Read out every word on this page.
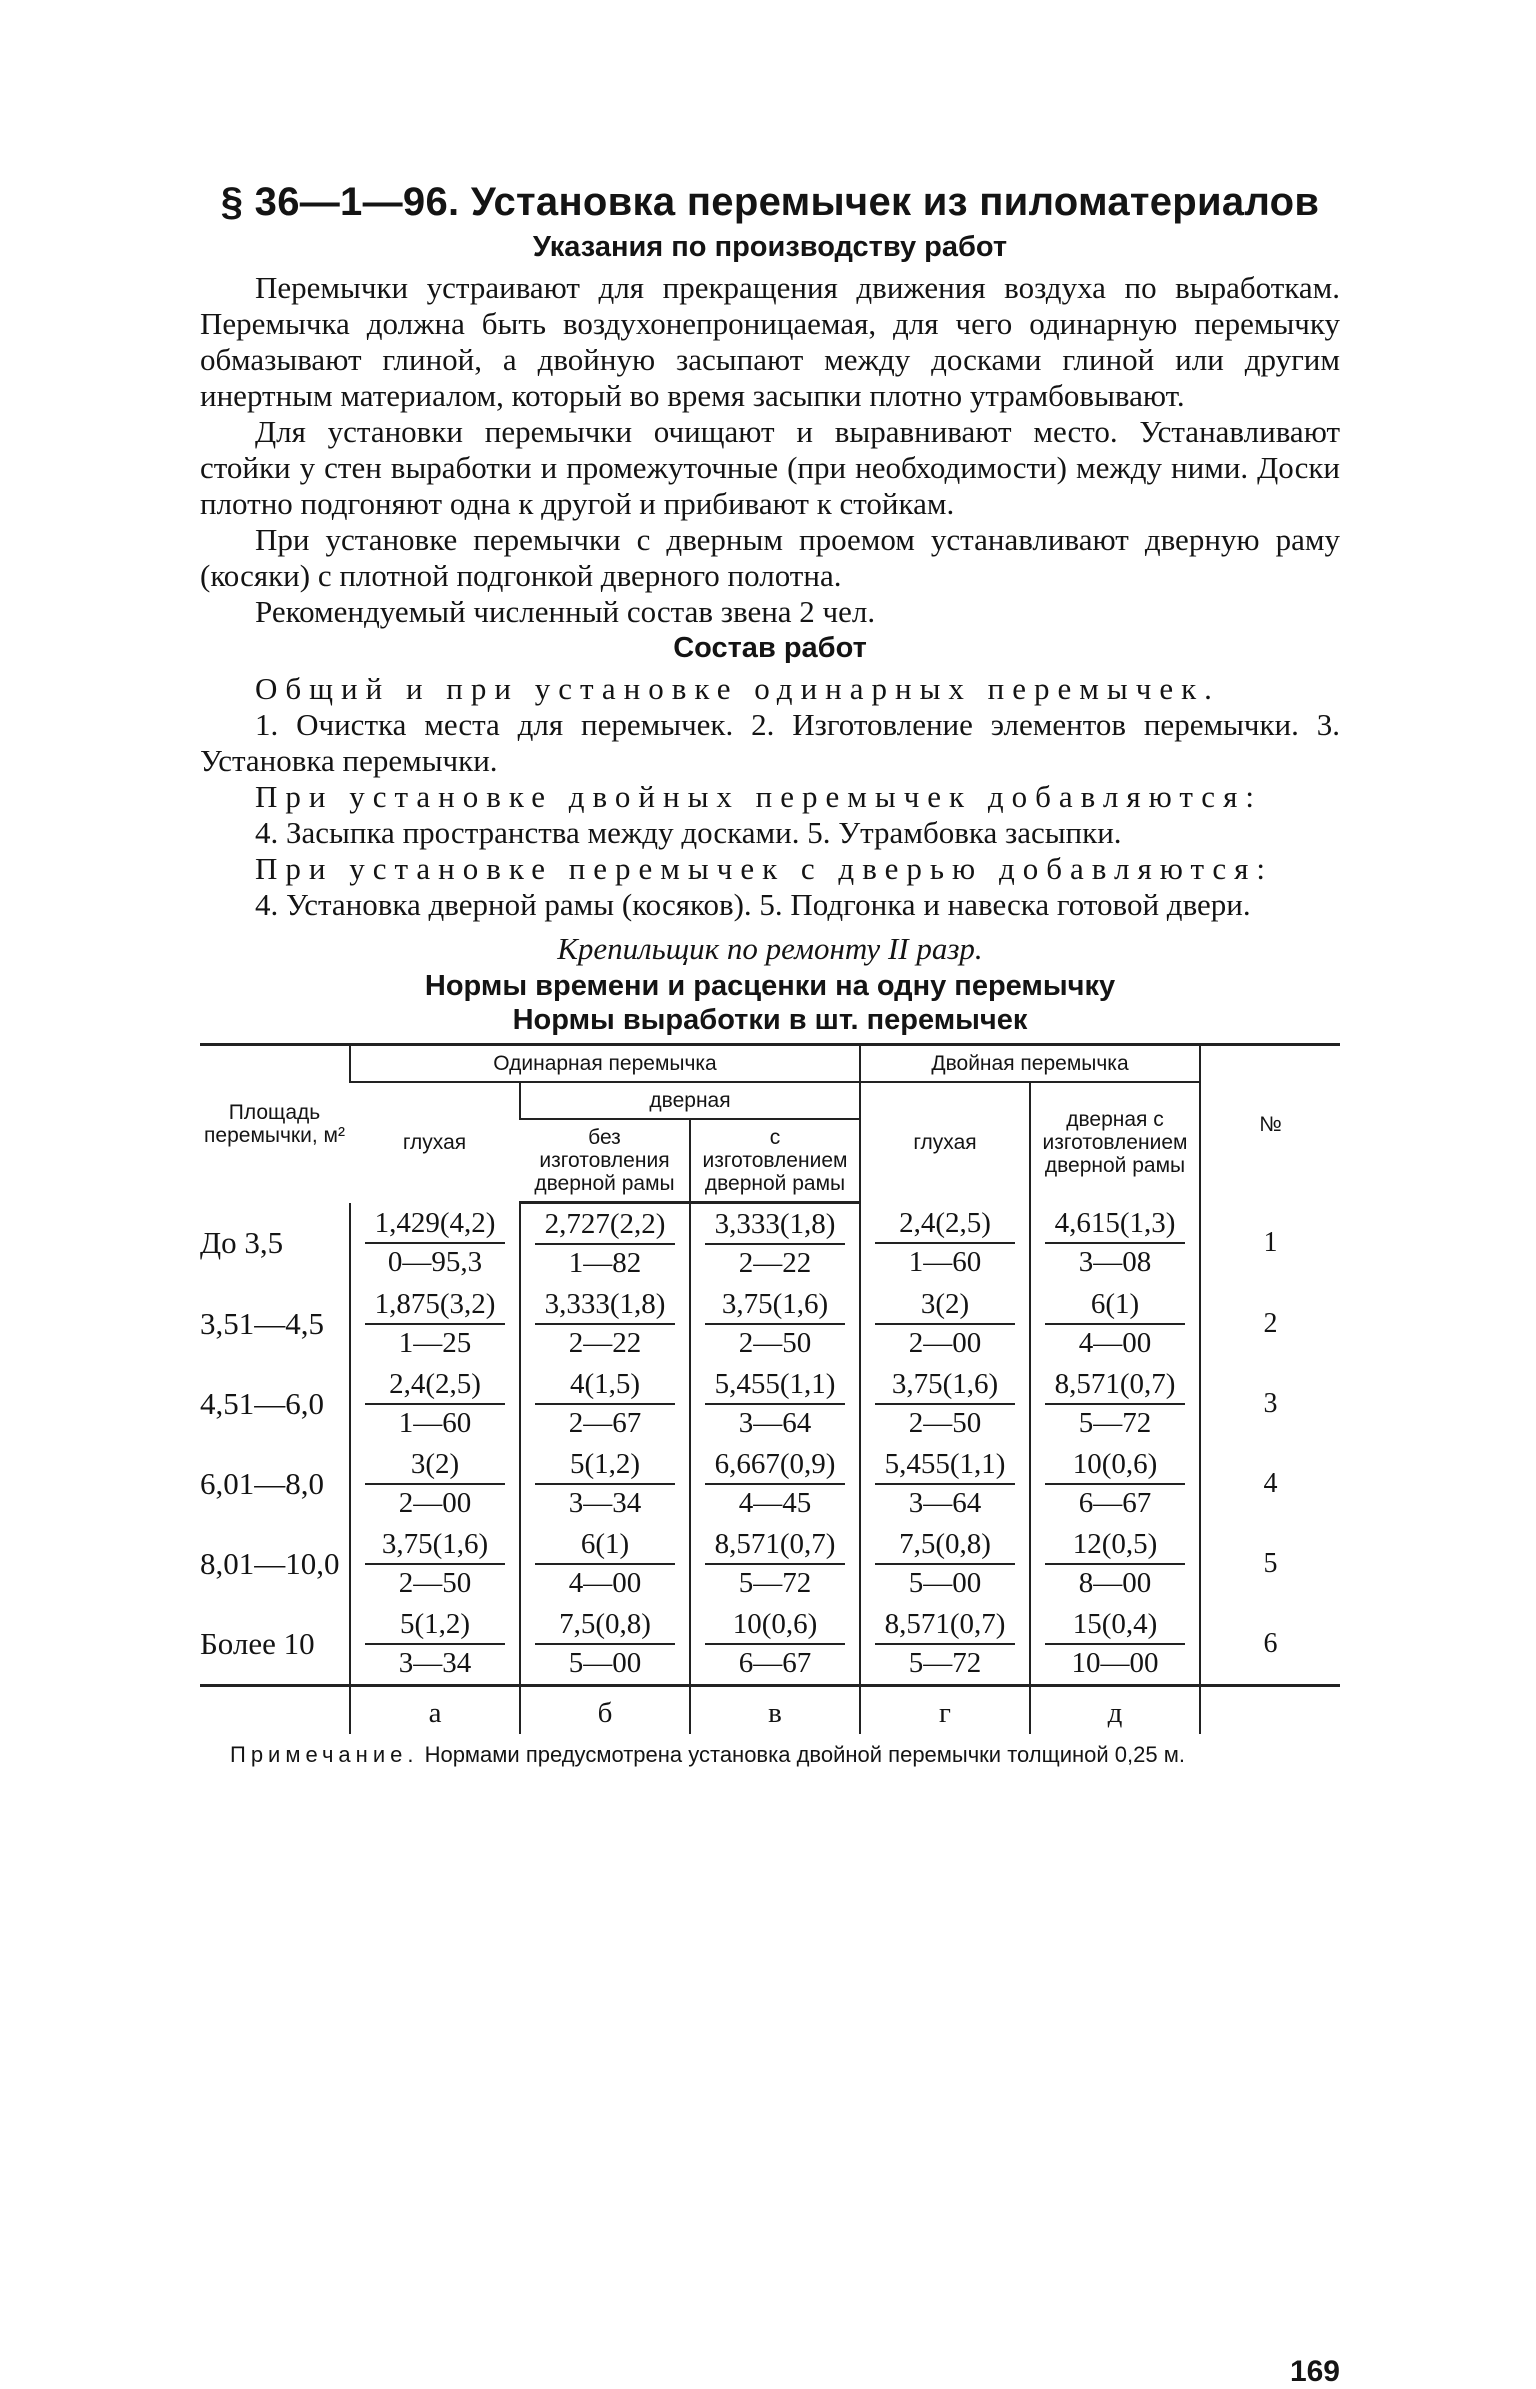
§ 36—1—96. Установка перемычек из пиломатериалов
Указания по производству работ

Перемычки устраивают для прекращения движения воздуха по выработкам. Перемычка должна быть воздухонепроницаемая, для чего одинарную перемычку обмазывают глиной, а двойную засыпают между досками глиной или другим инертным материалом, который во время засыпки плотно утрамбовывают.

Для установки перемычки очищают и выравнивают место. Устанавливают стойки у стен выработки и промежуточные (при необходимости) между ними. Доски плотно подгоняют одна к другой и прибивают к стойкам.

При установке перемычки с дверным проемом устанавливают дверную раму (косяки) с плотной подгонкой дверного полотна.

Рекомендуемый численный состав звена 2 чел.

Состав работ

Общий и при установке одинарных перемычек.

1. Очистка места для перемычек. 2. Изготовление элементов перемычки. 3. Установка перемычки.

При установке двойных перемычек добавляются:

4. Засыпка пространства между досками. 5. Утрамбовка засыпки.

При установке перемычек с дверью добавляются:

4. Установка дверной рамы (косяков). 5. Подгонка и навеска готовой двери.

Крепильщик по ремонту II разр.
Нормы времени и расценки на одну перемычку
Нормы выработки в шт. перемычек
Площадь перемычки, м²	Одинарная перемычка			Двойная перемычка		№
	глухая	дверная		глухая	дверная с изготовлением дверной рамы	
		без изготовления дверной рамы	с изготовлением дверной рамы			
До 3,5	$\frac{1,429(4,2)}{0—95,3}$	$\frac{2,727(2,2)}{1—82}$	$\frac{3,333(1,8)}{2—22}$	$\frac{2,4(2,5)}{1—60}$	$\frac{4,615(1,3)}{3—08}$	1
3,51—4,5	$\frac{1,875(3,2)}{1—25}$	$\frac{3,333(1,8)}{2—22}$	$\frac{3,75(1,6)}{2—50}$	$\frac{3(2)}{2—00}$	$\frac{6(1)}{4—00}$	2
4,51—6,0	$\frac{2,4(2,5)}{1—60}$	$\frac{4(1,5)}{2—67}$	$\frac{5,455(1,1)}{3—64}$	$\frac{3,75(1,6)}{2—50}$	$\frac{8,571(0,7)}{5—72}$	3
6,01—8,0	$\frac{3(2)}{2—00}$	$\frac{5(1,2)}{3—34}$	$\frac{6,667(0,9)}{4—45}$	$\frac{5,455(1,1)}{3—64}$	$\frac{10(0,6)}{6—67}$	4
8,01—10,0	$\frac{3,75(1,6)}{2—50}$	$\frac{6(1)}{4—00}$	$\frac{8,571(0,7)}{5—72}$	$\frac{7,5(0,8)}{5—00}$	$\frac{12(0,5)}{8—00}$	5
Более 10	$\frac{5(1,2)}{3—34}$	$\frac{7,5(0,8)}{5—00}$	$\frac{10(0,6)}{6—67}$	$\frac{8,571(0,7)}{5—72}$	$\frac{15(0,4)}{10—00}$	6
	а	б	в	г	д	
Примечание. Нормами предусмотрена установка двойной перемычки толщиной 0,25 м.
169
